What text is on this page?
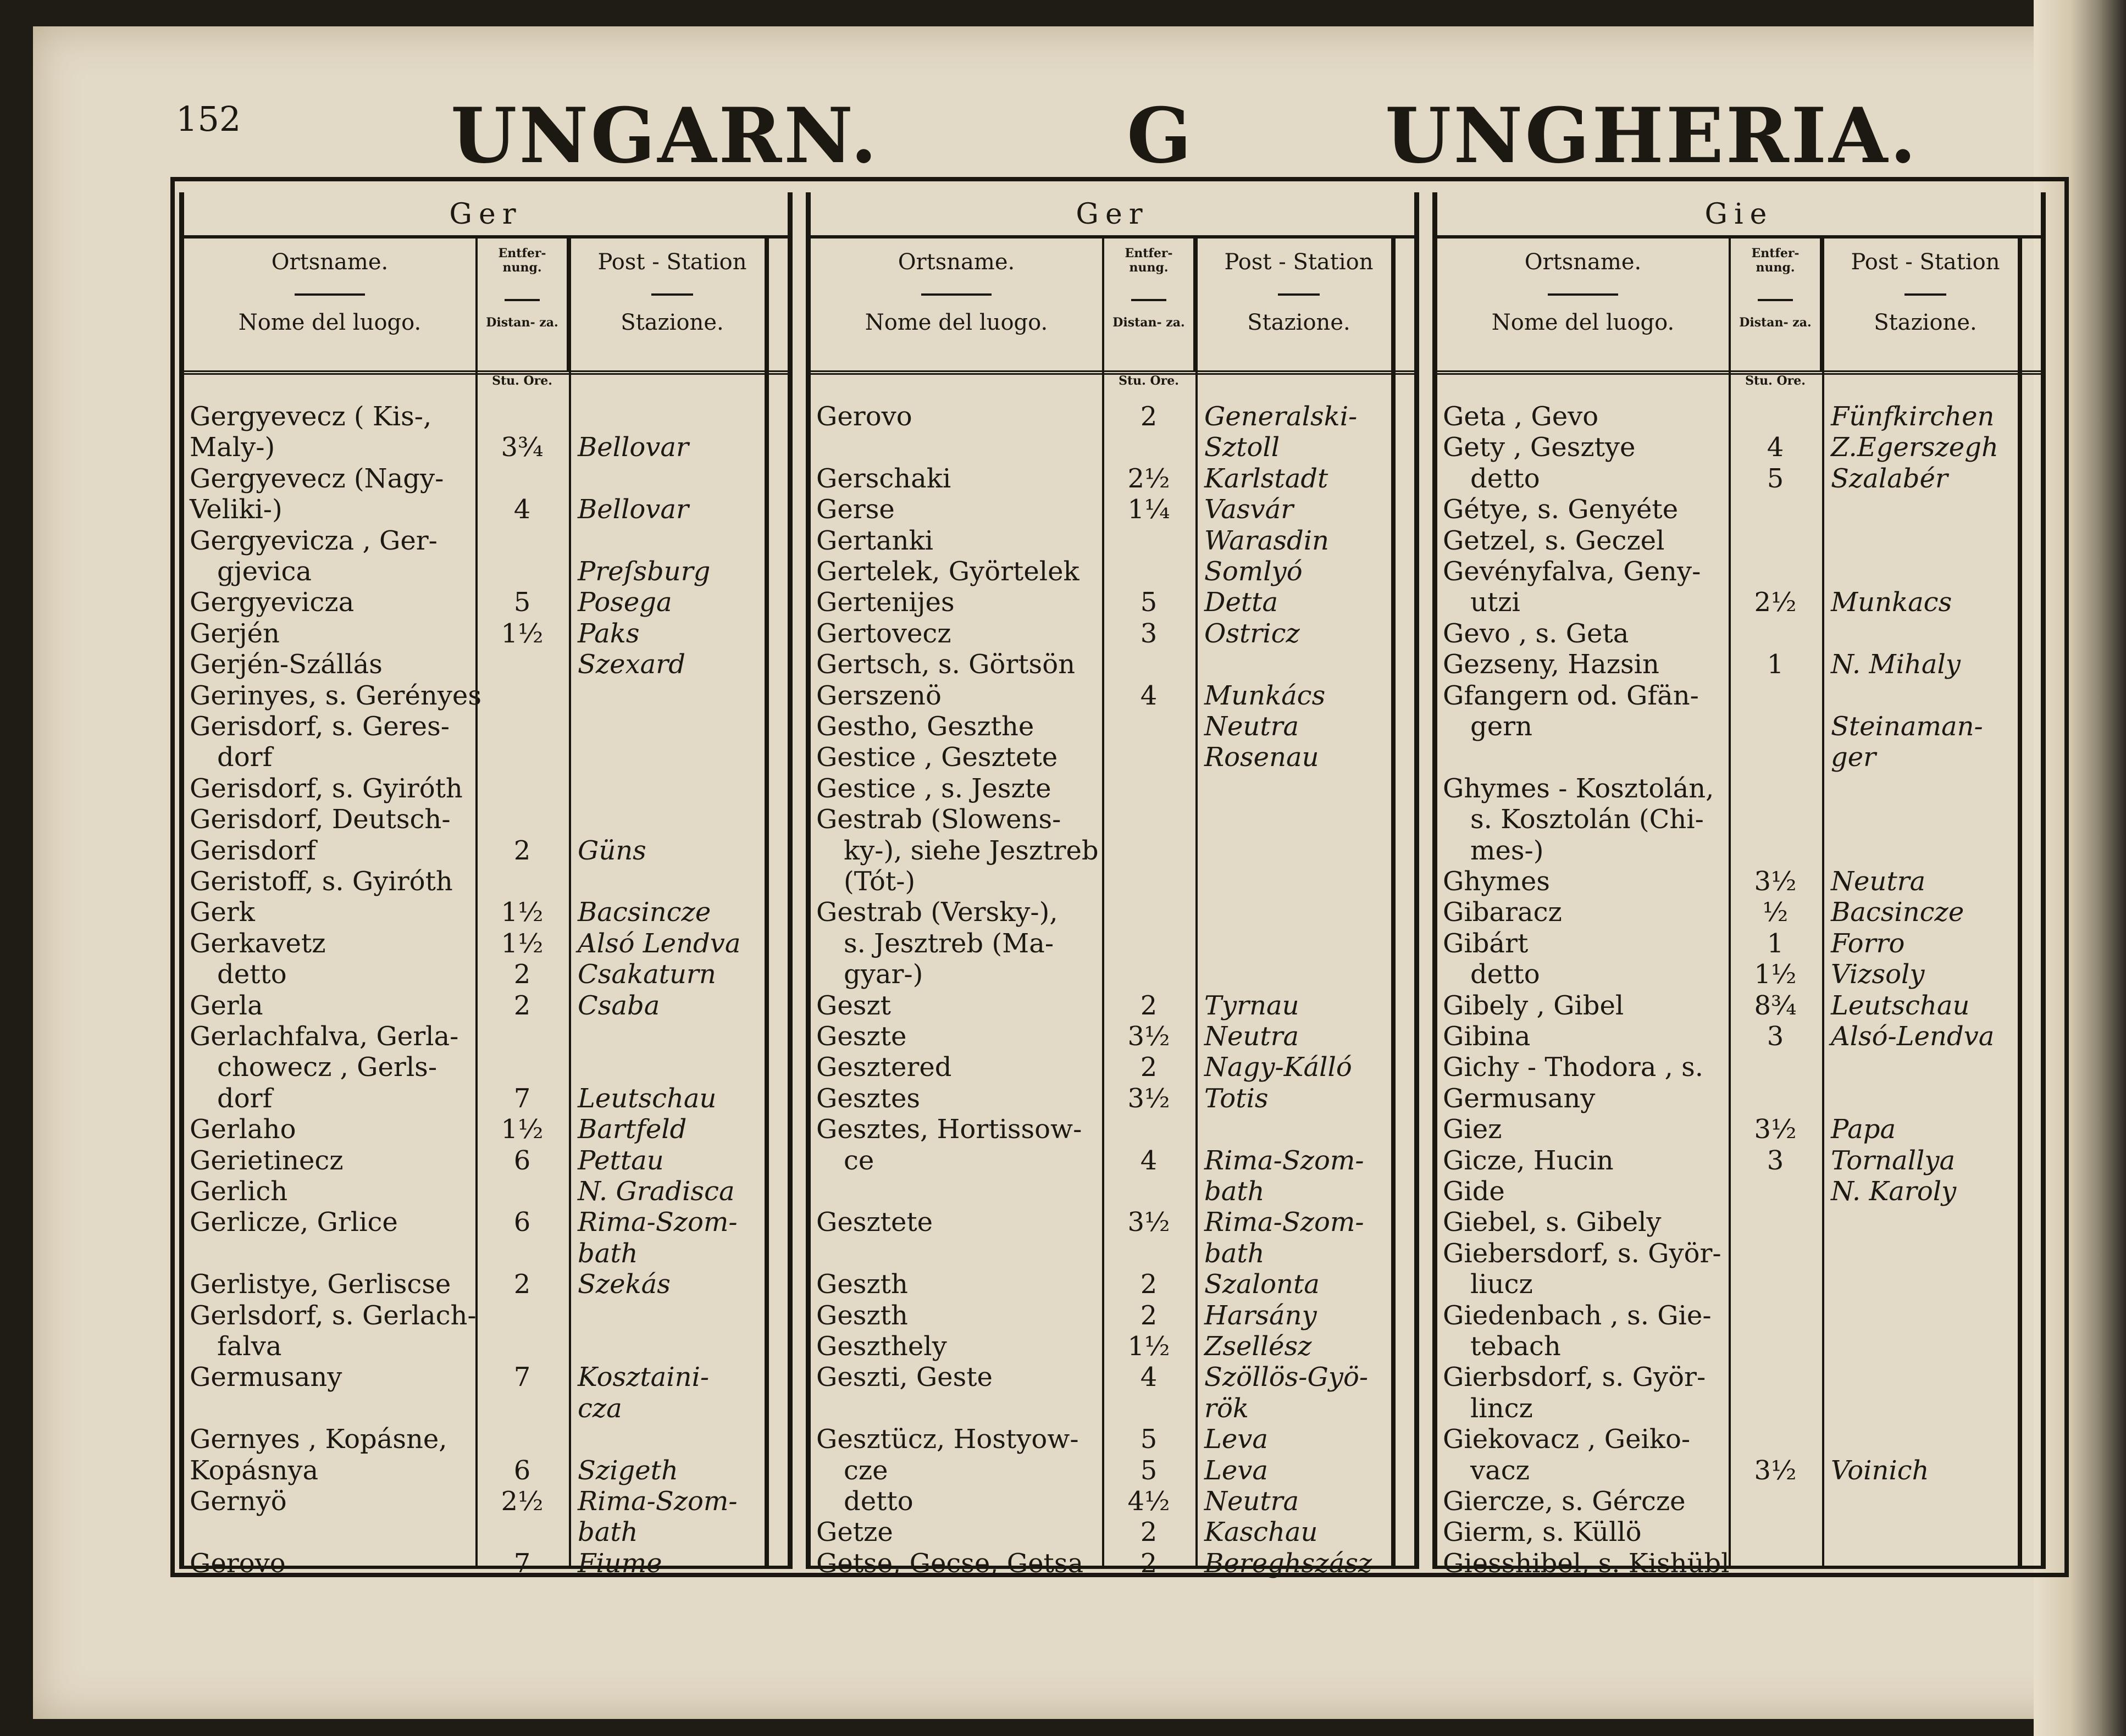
152	UNGARN.	G	UNGHERIA.
Ger
Ortsname.
Nome del luogo.
Entfer- nung.
Distan- za.
Post - Station
Stazione.
Stu. Ore.
Gergyevecz ( Kis-,
Maly-)	3¾	Bellovar
Gergyevecz (Nagy-
Veliki-)	4	Bellovar
Gergyevicza , Ger-
gjevica	Preſsburg
Gergyevicza	5	Posega
Gerjén	1½	Paks
Gerjén-Szállás	Szexard
Gerinyes, s. Gerényes
Gerisdorf, s. Geres-
dorf
Gerisdorf, s. Gyiróth
Gerisdorf, Deutsch-
Gerisdorf	2	Güns
Geristoff, s. Gyiróth
Gerk	1½	Bacsincze
Gerkavetz	1½	Alsó Lendva
detto	2	Csakaturn
Gerla	2	Csaba
Gerlachfalva, Gerla-
chowecz , Gerls-
dorf	7	Leutschau
Gerlaho	1½	Bartfeld
Gerietinecz	6	Pettau
Gerlich	N. Gradisca
Gerlicze, Grlice	6	Rima-Szom-
bath
Gerlistye, Gerliscse	2	Szekás
Gerlsdorf, s. Gerlach-
falva
Germusany	7	Kosztaini-
cza
Gernyes , Kopásne,
Kopásnya	6	Szigeth
Gernyö	2½	Rima-Szom-
bath
Gerovo	7	Fiume
Ger
Ortsname.
Nome del luogo.
Entfer- nung.
Distan- za.
Post - Station
Stazione.
Stu. Ore.
Gerovo	2	Generalski-
Sztoll
Gerschaki	2½	Karlstadt
Gerse	1¼	Vasvár
Gertanki	Warasdin
Gertelek, Györtelek	Somlyó
Gertenijes	5	Detta
Gertovecz	3	Ostricz
Gertsch, s. Görtsön
Gerszenö	4	Munkács
Gestho, Geszthe	Neutra
Gestice , Gesztete	Rosenau
Gestice , s. Jeszte
Gestrab (Slowens-
ky-), siehe Jesztreb
(Tót-)
Gestrab (Versky-),
s. Jesztreb (Ma-
gyar-)
Geszt	2	Tyrnau
Geszte	3½	Neutra
Gesztered	2	Nagy-Kálló
Gesztes	3½	Totis
Gesztes, Hortissow-
ce	4	Rima-Szom-
bath
Gesztete	3½	Rima-Szom-
bath
Geszth	2	Szalonta
Geszth	2	Harsány
Geszthely	1½	Zsellész
Geszti, Geste	4	Szöllös-Gyö-
rök
Gesztücz, Hostyow-	5	Leva
cze	5	Leva
detto	4½	Neutra
Getze	2	Kaschau
Getse, Gecse, Getsa	2	Bereghszász
Gie
Ortsname.
Nome del luogo.
Entfer- nung.
Distan- za.
Post - Station
Stazione.
Stu. Ore.
Geta , Gevo	Fünfkirchen
Gety , Gesztye	4	Z.Egerszegh
detto	5	Szalabér
Gétye, s. Genyéte
Getzel, s. Geczel
Gevényfalva, Geny-
utzi	2½	Munkacs
Gevo , s. Geta
Gezseny, Hazsin	1	N. Mihaly
Gfangern od. Gfän-
gern	Steinaman-
ger
Ghymes - Kosztolán,
s. Kosztolán (Chi-
mes-)
Ghymes	3½	Neutra
Gibaracz	½	Bacsincze
Gibárt	1	Forro
detto	1½	Vizsoly
Gibely , Gibel	8¾	Leutschau
Gibina	3	Alsó-Lendva
Gichy - Thodora , s.
Germusany
Giez	3½	Papa
Gicze, Hucin	3	Tornallya
Gide	N. Karoly
Giebel, s. Gibely
Giebersdorf, s. Györ-
liucz
Giedenbach , s. Gie-
tebach
Gierbsdorf, s. Györ-
lincz
Giekovacz , Geiko-
vacz	3½	Voinich
Giercze, s. Gércze
Gierm, s. Küllö
Giesshibel, s. Kishübl
